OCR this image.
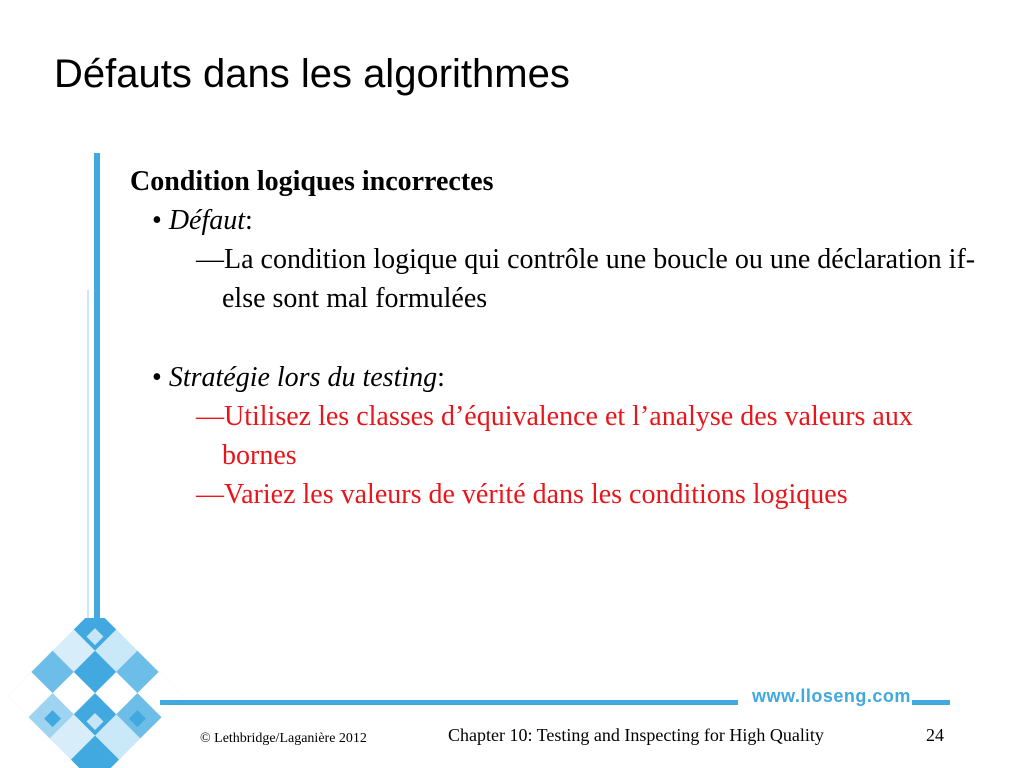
Défauts dans les algorithmes
Condition logiques incorrectes
• Défaut:
—La condition logique qui contrôle une boucle ou une déclaration if-else sont mal formulées
• Stratégie lors du testing:
—Utilisez les classes d’équivalence et l’analyse des valeurs aux bornes
—Variez les valeurs de vérité dans les conditions logiques
www.lloseng.com
© Lethbridge/Laganière 2012	Chapter 10: Testing and Inspecting for High Quality	24
